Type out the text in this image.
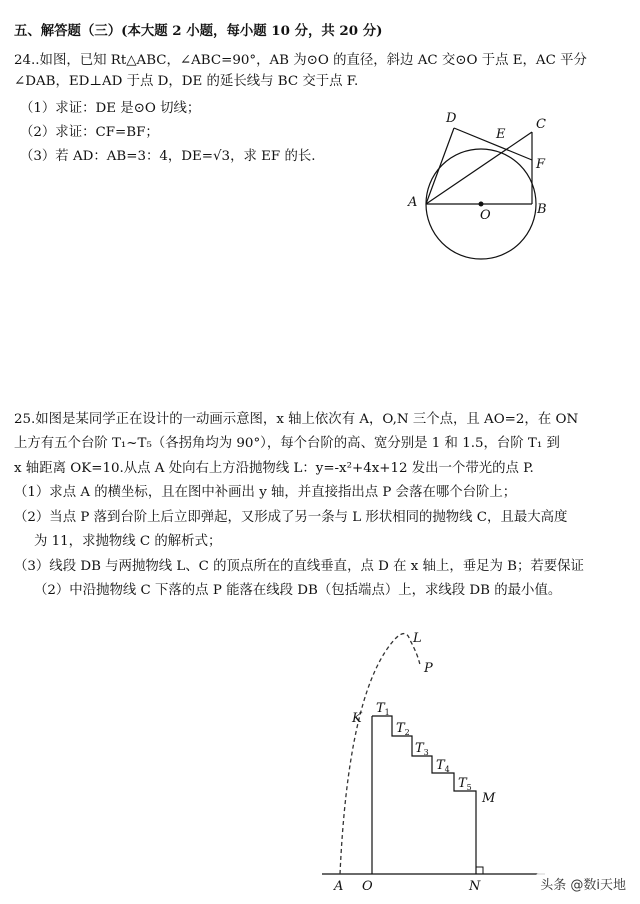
五、解答题（三）(本大题 2 小题，每小题 10 分，共 20 分)
24..如图，已知 Rt△ABC，∠ABC=90°，AB 为⊙O 的直径，斜边 AC 交⊙O 于点 E，AC 平分
∠DAB，ED⊥AD 于点 D，DE 的延长线与 BC 交于点 F.
（1）求证：DE 是⊙O 切线；
（2）求证：CF=BF；
（3）若 AD：AB=3：4，DE=√3，求 EF 的长.
A	B
C
D
E
F
O
25.如图是某同学正在设计的一动画示意图，x 轴上依次有 A，O,N 三个点，且 AO=2，在 ON
上方有五个台阶 T₁~T₅（各拐角均为 90°），每个台阶的高、宽分别是 1 和 1.5，台阶 T₁ 到
x 轴距离 OK=10.从点 A 处向右上方沿抛物线 L：y=-x²+4x+12 发出一个带光的点 P.
（1）求点 A 的横坐标，且在图中补画出 y 轴，并直接指出点 P 会落在哪个台阶上；
（2）当点 P 落到台阶上后立即弹起，又形成了另一条与 L 形状相同的抛物线 C，且最大高度
为 11，求抛物线 C 的解析式；
（3）线段 DB 与两抛物线 L、C 的顶点所在的直线垂直，点 D 在 x 轴上，垂足为 B；若要保证
（2）中沿抛物线 C 下落的点 P 能落在线段 DB（包括端点）上，求线段 DB 的最小值。
L
P
K
M
A O	N
$T_1$
$T_2$
$T_3$
$T_4$
$T_5$
头条 @数i天地
